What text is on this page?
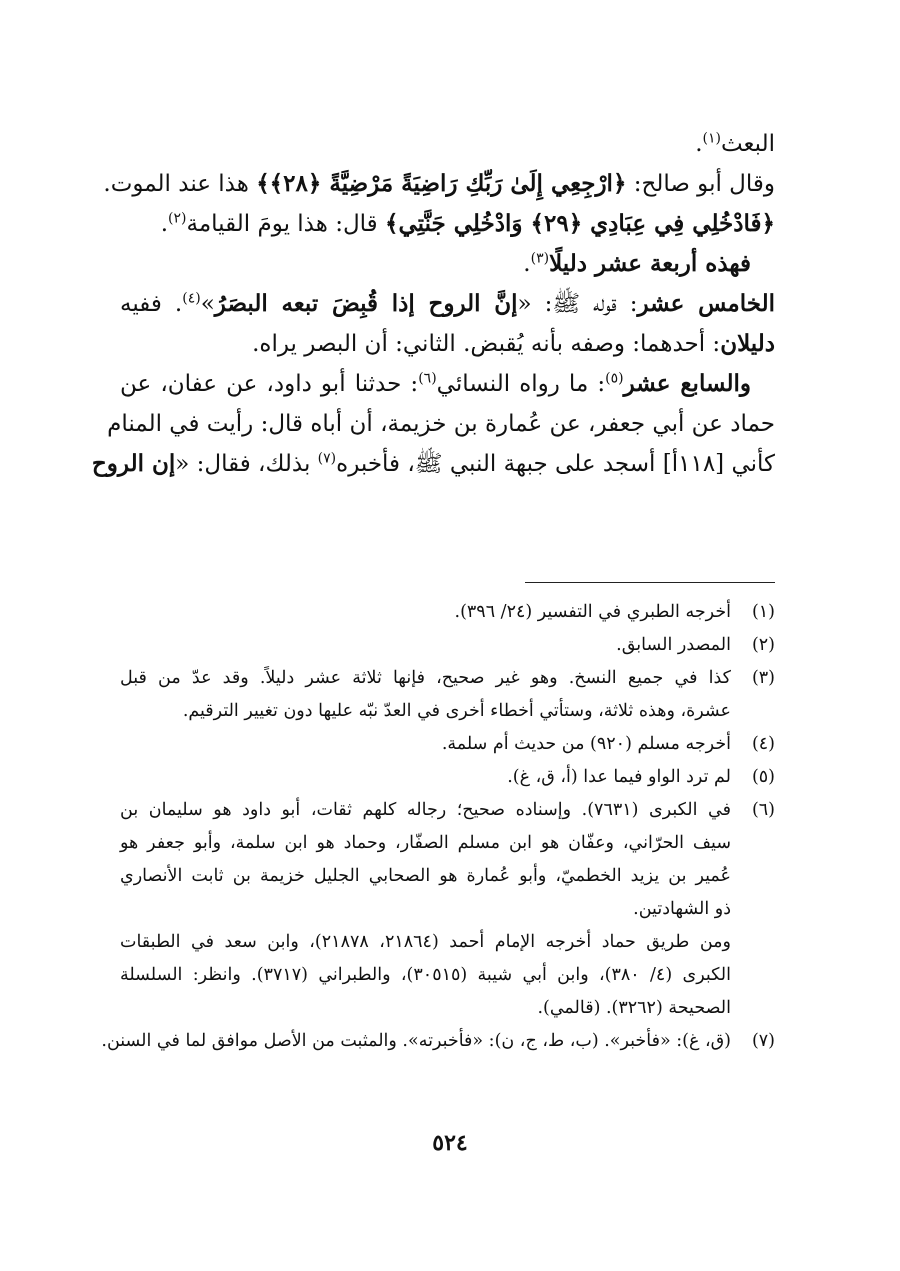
البعث$^{(١)}$.
وقال أبو صالح: ﴿ارْجِعِي إِلَىٰ رَبِّكِ رَاضِيَةً مَرْضِيَّةً ﴿٢٨﴾﴾ هذا عند الموت.
﴿فَادْخُلِي فِي عِبَادِي ﴿٢٩﴾ وَادْخُلِي جَنَّتِي﴾ قال: هذا يومَ القيامة$^{(٢)}$.
فهذه أربعة عشر دليلًا$^{(٣)}$.
الخامس عشر: قوله ﷺ: «إنَّ الروح إذا قُبِضَ تبعه البصَرُ»$^{(٤)}$. ففيه
دليلان: أحدهما: وصفه بأنه يُقبض. الثاني: أن البصر يراه.
والسابع عشر$^{(٥)}$: ما رواه النسائي$^{(٦)}$: حدثنا أبو داود، عن عفان، عن
حماد عن أبي جعفر، عن عُمارة بن خزيمة، أن أباه قال: رأيت في المنام
كأني [١١٨أ] أسجد على جبهة النبي ﷺ، فأخبره$^{(٧)}$ بذلك، فقال: «إن الروح
(١)
أخرجه الطبري في التفسير (٢٤/ ٣٩٦).
(٢)
المصدر السابق.
(٣)
كذا في جميع النسخ. وهو غير صحيح، فإنها ثلاثة عشر دليلاً. وقد عدّ من قبل
عشرة، وهذه ثلاثة، وستأتي أخطاء أخرى في العدّ نبّه عليها دون تغيير الترقيم.
(٤)
أخرجه مسلم (٩٢٠) من حديث أم سلمة.
(٥)
لم ترد الواو فيما عدا (أ، ق، غ).
(٦)
في الكبرى (٧٦٣١). وإسناده صحيح؛ رجاله كلهم ثقات، أبو داود هو سليمان بن
سيف الحرّاني، وعفّان هو ابن مسلم الصفّار، وحماد هو ابن سلمة، وأبو جعفر هو
عُمير بن يزيد الخطميّ، وأبو عُمارة هو الصحابي الجليل خزيمة بن ثابت الأنصاري
ذو الشهادتين.
ومن طريق حماد أخرجه الإمام أحمد (٢١٨٦٤، ٢١٨٧٨)، وابن سعد في الطبقات
الكبرى (٤/ ٣٨٠)، وابن أبي شيبة (٣٠٥١٥)، والطبراني (٣٧١٧). وانظر: السلسلة
الصحيحة (٣٢٦٢). (قالمي).
(٧)
(ق، غ): «فأخبر». (ب، ط، ج، ن): «فأخبرته». والمثبت من الأصل موافق لما في السنن.
٥٢٤
